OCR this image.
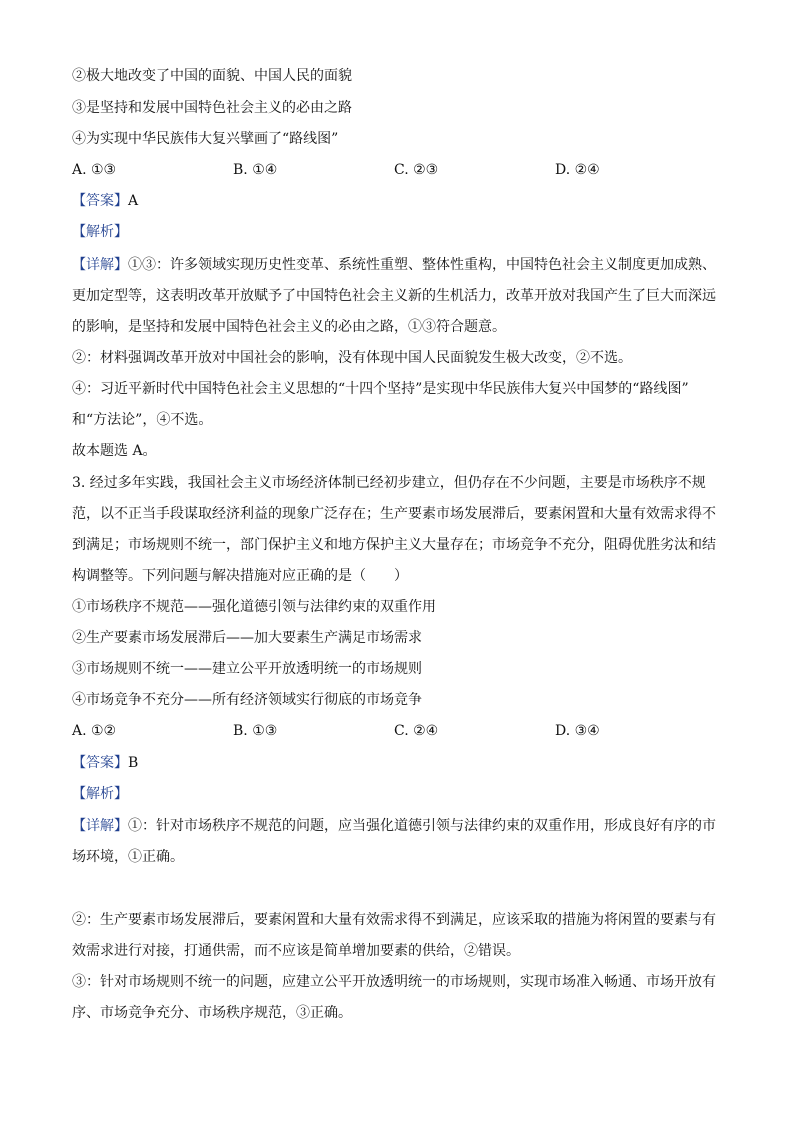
②极大地改变了中国的面貌、中国人民的面貌
③是坚持和发展中国特色社会主义的必由之路
④为实现中华民族伟大复兴擘画了“路线图”
A. ①③	B. ①④	C. ②③	D. ②④
【答案】A
【解析】
【详解】①③：许多领域实现历史性变革、系统性重塑、整体性重构，中国特色社会主义制度更加成熟、
更加定型等，这表明改革开放赋予了中国特色社会主义新的生机活力，改革开放对我国产生了巨大而深远
的影响，是坚持和发展中国特色社会主义的必由之路，①③符合题意。
②：材料强调改革开放对中国社会的影响，没有体现中国人民面貌发生极大改变，②不选。
④：习近平新时代中国特色社会主义思想的“十四个坚持”是实现中华民族伟大复兴中国梦的“路线图”
和“方法论”，④不选。
故本题选 A。
3. 经过多年实践，我国社会主义市场经济体制已经初步建立，但仍存在不少问题，主要是市场秩序不规
范，以不正当手段谋取经济利益的现象广泛存在；生产要素市场发展滞后，要素闲置和大量有效需求得不
到满足；市场规则不统一，部门保护主义和地方保护主义大量存在；市场竞争不充分，阻碍优胜劣汰和结
构调整等。下列问题与解决措施对应正确的是（　　）
①市场秩序不规范——强化道德引领与法律约束的双重作用
②生产要素市场发展滞后——加大要素生产满足市场需求
③市场规则不统一——建立公平开放透明统一的市场规则
④市场竞争不充分——所有经济领域实行彻底的市场竞争
A. ①②	B. ①③	C. ②④	D. ③④
【答案】B
【解析】
【详解】①：针对市场秩序不规范的问题，应当强化道德引领与法律约束的双重作用，形成良好有序的市
场环境，①正确。
②：生产要素市场发展滞后，要素闲置和大量有效需求得不到满足，应该采取的措施为将闲置的要素与有
效需求进行对接，打通供需，而不应该是简单增加要素的供给，②错误。
③：针对市场规则不统一的问题，应建立公平开放透明统一的市场规则，实现市场准入畅通、市场开放有
序、市场竞争充分、市场秩序规范，③正确。
